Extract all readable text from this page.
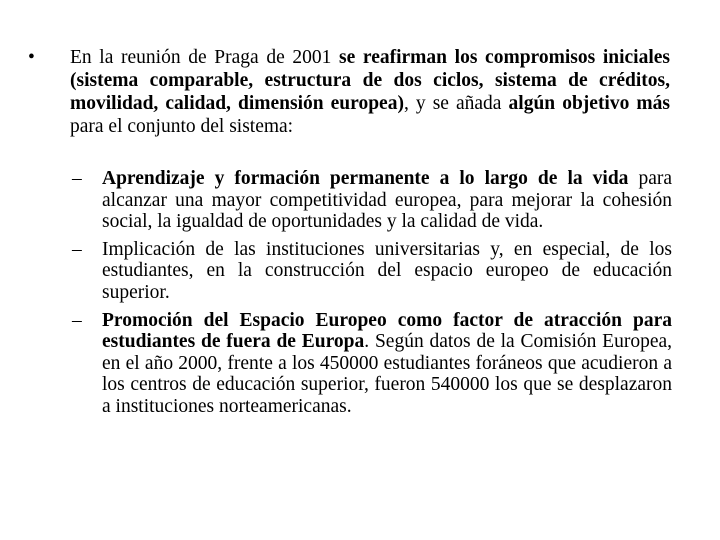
• En la reunión de Praga de 2001 se reafirman los compromisos iniciales (sistema comparable, estructura de dos ciclos, sistema de créditos, movilidad, calidad, dimensión europea), y se añada algún objetivo más para el conjunto del sistema:
– Aprendizaje y formación permanente a lo largo de la vida para alcanzar una mayor competitividad europea, para mejorar la cohesión social, la igualdad de oportunidades y la calidad de vida.
– Implicación de las instituciones universitarias y, en especial, de los estudiantes, en la construcción del espacio europeo de educación superior.
– Promoción del Espacio Europeo como factor de atracción para estudiantes de fuera de Europa. Según datos de la Comisión Europea, en el año 2000, frente a los 450000 estudiantes foráneos que acudieron a los centros de educación superior, fueron 540000 los que se desplazaron a instituciones norteamericanas.
